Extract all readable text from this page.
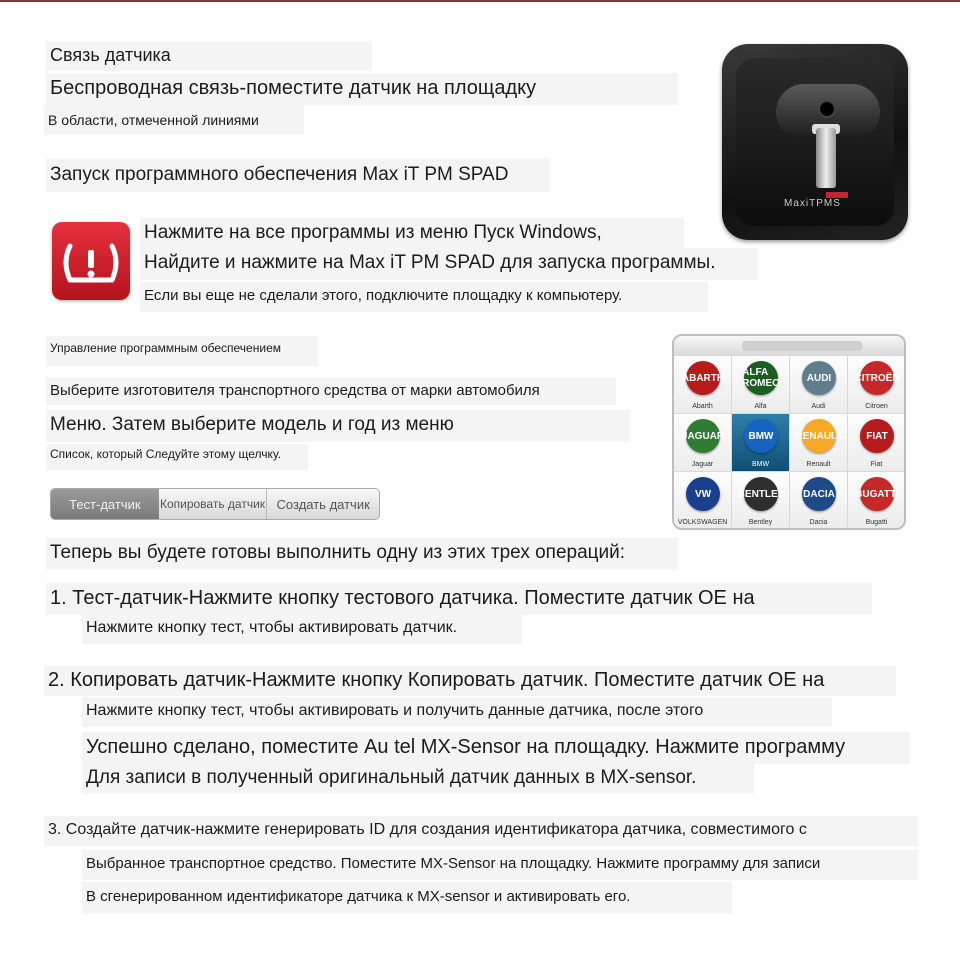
Связь датчика
Беспроводная связь-поместите датчик на площадку
В области, отмеченной линиями
MaxiTPMS
Запуск программного обеспечения Max iT PM SPAD
Нажмите на все программы из меню Пуск Windows,
Найдите и нажмите на Max iT PM SPAD для запуска программы.
Если вы еще не сделали этого, подключите площадку к компьютеру.
Управление программным обеспечением
Выберите изготовителя транспортного средства от марки автомобиля
Меню. Затем выберите модель и год из меню
Список, который Следуйте этому щелчку.
ABARTH
Abarth
ALFA ROMEO
Alfa
AUDI
Audi
CITROËN
Citroen
JAGUAR
Jaguar
BMW
BMW
RENAULT
Renault
FIAT
Fiat
VW
VOLKSWAGEN
BENTLEY
Bentley
DACIA
Dacia
BUGATTI
Bugatti
Тест-датчик	Копировать датчик Создать датчик
Теперь вы будете готовы выполнить одну из этих трех операций:
1. Тест-датчик-Нажмите кнопку тестового датчика. Поместите датчик OE на
Нажмите кнопку тест, чтобы активировать датчик.
2. Копировать датчик-Нажмите кнопку Копировать датчик. Поместите датчик OE на
Нажмите кнопку тест, чтобы активировать и получить данные датчика, после этого
Успешно сделано, поместите Au tel MX-Sensor на площадку. Нажмите программу
Для записи в полученный оригинальный датчик данных в MX-sensor.
3. Создайте датчик-нажмите генерировать ID для создания идентификатора датчика, совместимого с
Выбранное транспортное средство. Поместите MX-Sensor на площадку. Нажмите программу для записи
В сгенерированном идентификаторе датчика к MX-sensor и активировать его.
